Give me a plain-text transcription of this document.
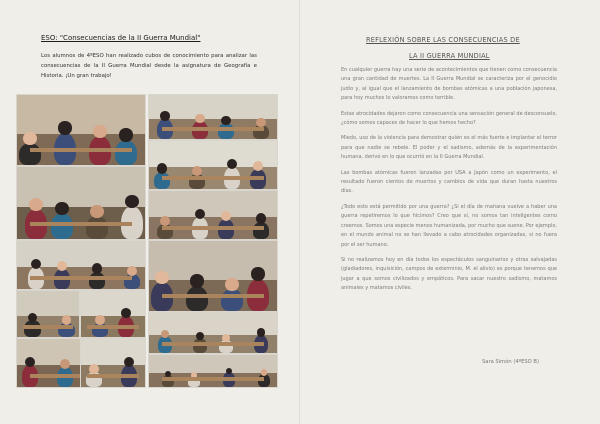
ESO: "Consecuencias de la II Guerra Mundial"
Los alumnos de 4ºESO han realizado cubos de conocimiento para analizar las consecuencias de la II Guerra Mundial desde la asignatura de Geografía e Historia. ¡Un gran trabajo!
REFLEXIÓN SOBRE LAS CONSECUENCIAS DE
LA II GUERRA MUNDIAL

En cualquier guerra hay una serie de acontecimientos que tienen como consecuencia una gran cantidad de muertes. La II Guerra Mundial se caracteriza por el genocidio judío y, al igual que el lanzamiento de bombas atómicas a una población japonesa, para hoy muchos lo valoramos como terrible.

Estas atrocidades dejaron como consecuencia una sensación general de desconsuelo, ¿cómo somos capaces de hacer lo que hemos hecho?

Miedo, uso de la violencia para demostrar quién es el más fuerte e implantar el terror para que nadie se rebele. El poder y el sadismo, además de la experimentación humana, derivó en lo que ocurrió en la II Guerra Mundial.

Las bombas atómicas fueron lanzadas por USA a Japón como un experimento, el resultado fueron cientos de muertos y cambios de vida que duran hasta nuestros días.

¿Todo esto está permitido por una guerra? ¿Si el día de mañana vuelve a haber una guerra repetiremos lo que hicimos? Creo que sí, no somos tan inteligentes como creemos. Somos una especie menos humanizada, por mucho que suene. Por ejemplo, en el mundo animal no se han llevado a cabo atrocidades organizadas, si no fuera por el ser humano.

Si no realizamos hoy en día todos los espectáculos sanguinarios y otras salvajadas (gladiadores, inquisición, campos de exterminio, M. el alivio) es porque tenemos que jugar a que somos civilizados y empáticos. Para sacar nuestro sadismo, matamos animales y matamos civiles.

Sara Simón (4ºESO B)
